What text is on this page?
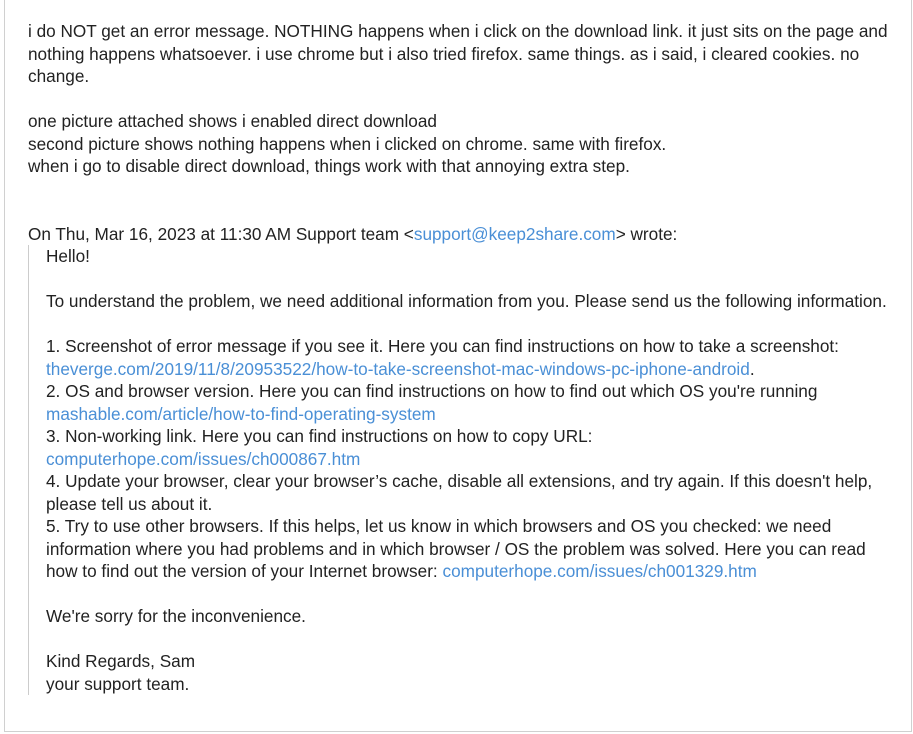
i do NOT get an error message. NOTHING happens when i click on the download link. it just sits on the page and nothing happens whatsoever. i use chrome but i also tried firefox. same things. as i said, i cleared cookies. no change.

one picture attached shows i enabled direct download

second picture shows nothing happens when i clicked on chrome. same with firefox.

when i go to disable direct download, things work with that annoying extra step.

On Thu, Mar 16, 2023 at 11:30 AM Support team <support@keep2share.com> wrote:

Hello!

To understand the problem, we need additional information from you. Please send us the following information.

1. Screenshot of error message if you see it. Here you can find instructions on how to take a screenshot:
theverge.com/2019/11/8/20953522/how-to-take-screenshot-mac-windows-pc-iphone-android.

2. OS and browser version. Here you can find instructions on how to find out which OS you're running
mashable.com/article/how-to-find-operating-system

3. Non-working link. Here you can find instructions on how to copy URL:
computerhope.com/issues/ch000867.htm

4. Update your browser, clear your browser’s cache, disable all extensions, and try again. If this doesn't help, please tell us about it.

5. Try to use other browsers. If this helps, let us know in which browsers and OS you checked: we need information where you had problems and in which browser / OS the problem was solved. Here you can read how to find out the version of your Internet browser: computerhope.com/issues/ch001329.htm

We're sorry for the inconvenience.

Kind Regards, Sam

your support team.
